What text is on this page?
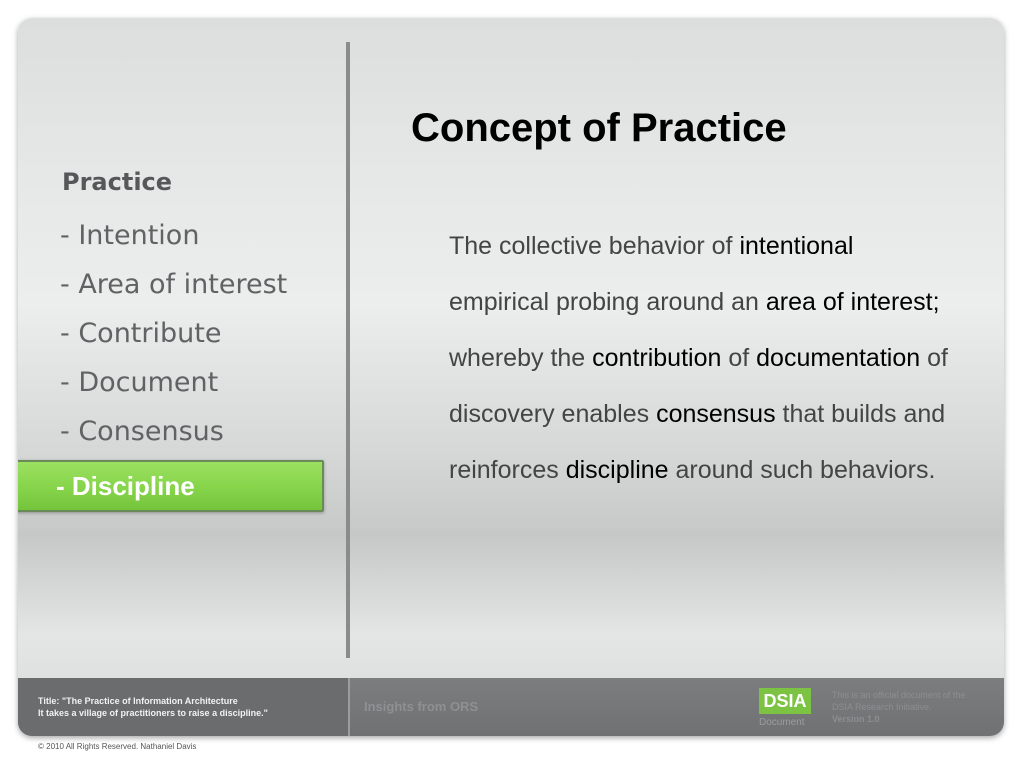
Practice
- Intention
- Area of interest
- Contribute
- Document
- Consensus
- Discipline
Concept of Practice
The collective behavior of intentional empirical probing around an area of interest; whereby the contribution of documentation of discovery enables consensus that builds and reinforces discipline around such behaviors.
Title: "The Practice of Information Architecture
It takes a village of practitioners to raise a discipline."	Insights from ORS	DSIA
Document
This is an official document of the
DSIA Research Initiative.
Version 1.0
© 2010 All Rights Reserved. Nathaniel Davis
